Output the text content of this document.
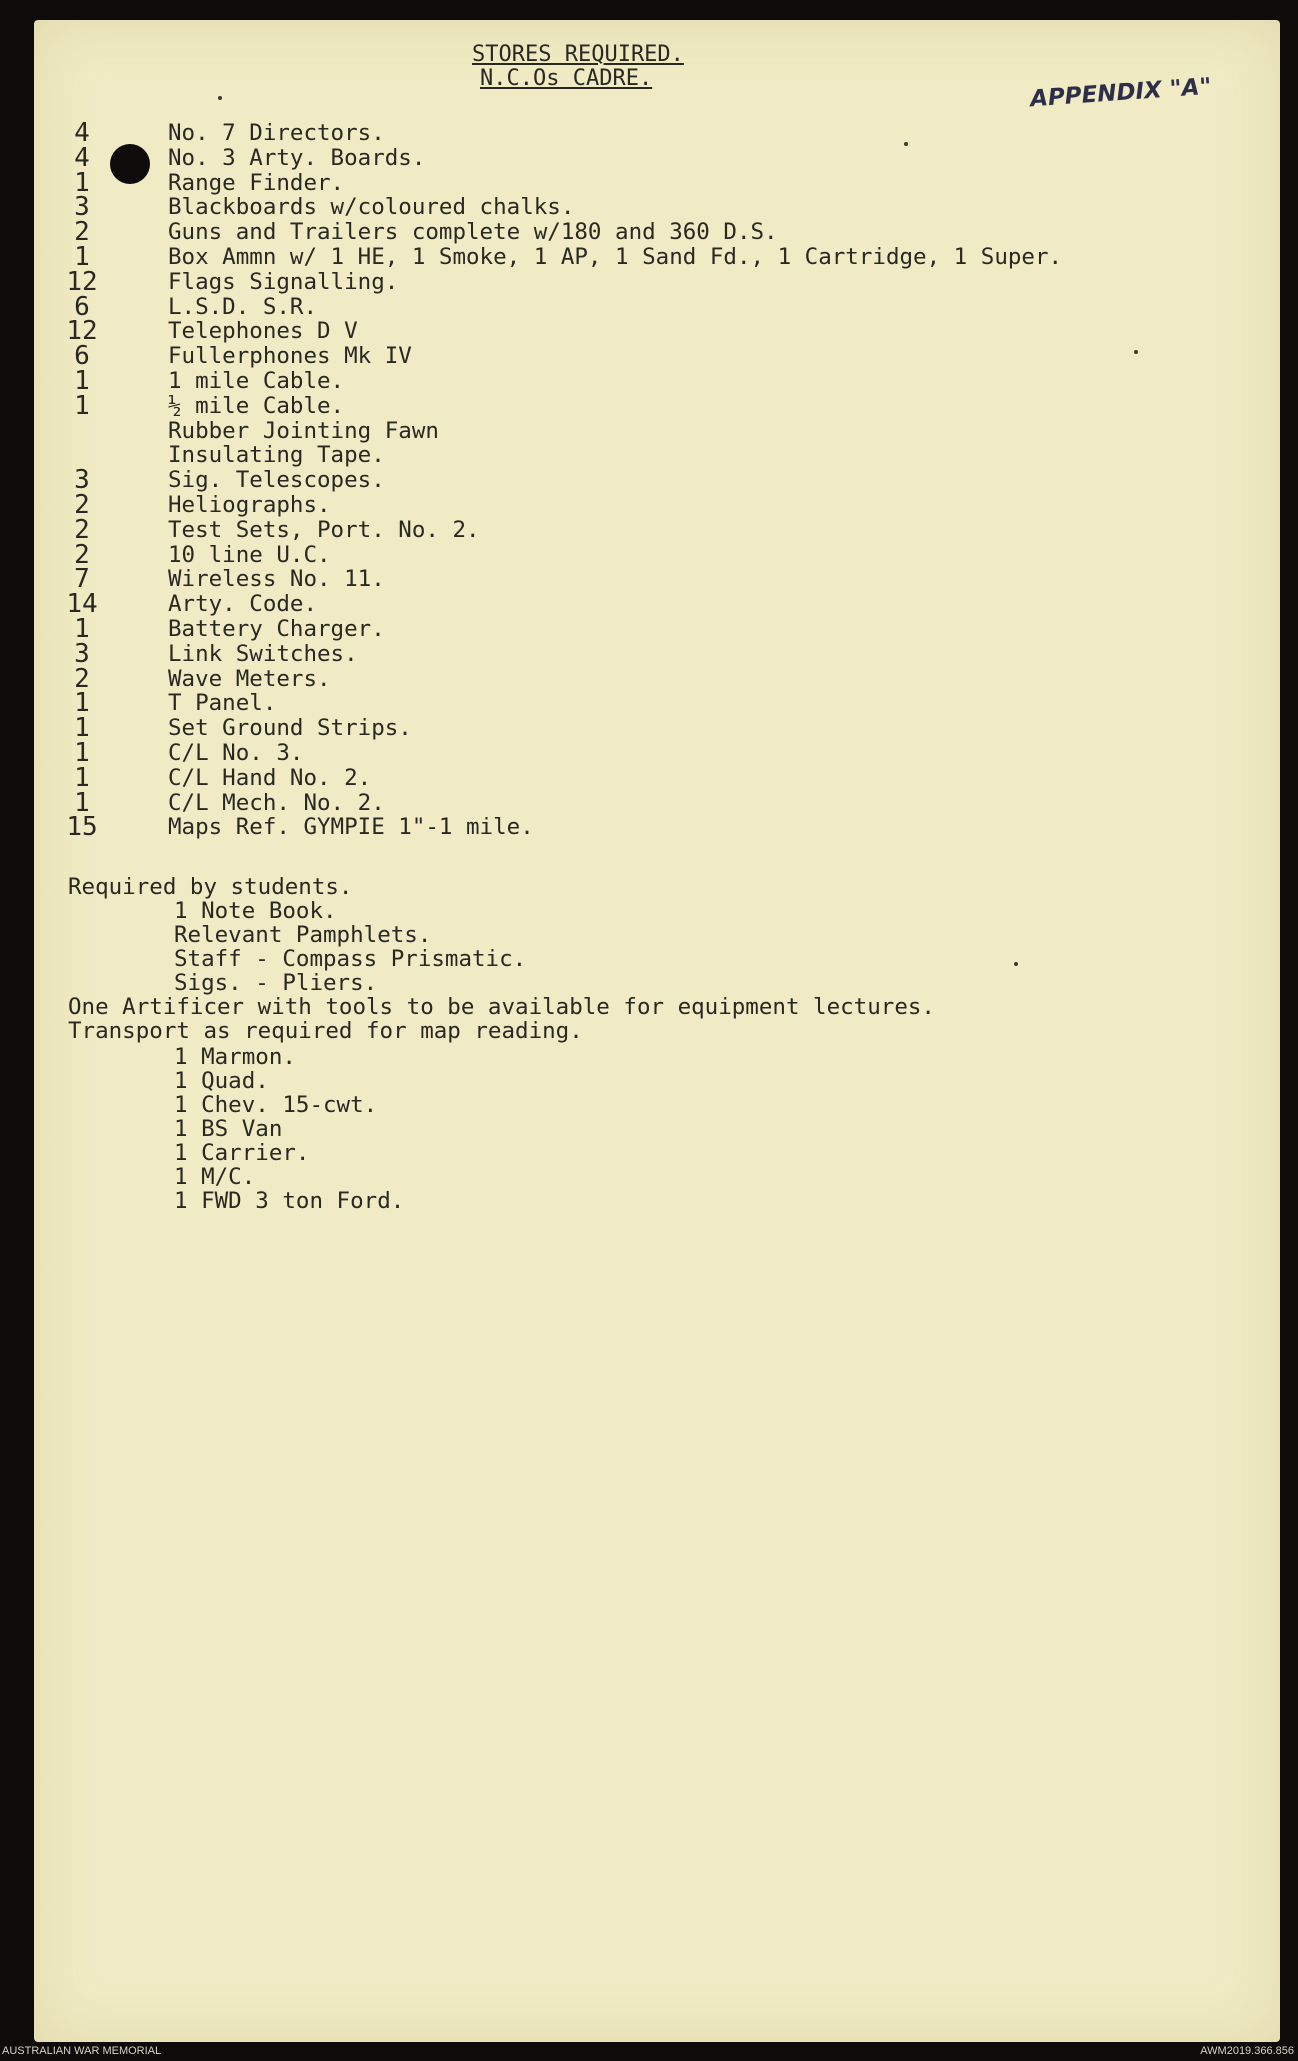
STORES REQUIRED.
N.C.Os CADRE.	APPENDIX "A"
4	No. 7 Directors.
4	No. 3 Arty. Boards.
1	Range Finder.
3	Blackboards w/coloured chalks.
2	Guns and Trailers complete w/180 and 360 D.S.
1	Box Ammn w/ 1 HE, 1 Smoke, 1 AP, 1 Sand Fd., 1 Cartridge, 1 Super.
12	Flags Signalling.
6	L.S.D. S.R.
12	Telephones D V
6	Fullerphones Mk IV
1	1 mile Cable.
1	½ mile Cable.
Rubber Jointing Fawn
Insulating Tape.
3	Sig. Telescopes.
2	Heliographs.
2	Test Sets, Port. No. 2.
2	10 line U.C.
7	Wireless No. 11.
14	Arty. Code.
1	Battery Charger.
3	Link Switches.
2	Wave Meters.
1	T Panel.
1	Set Ground Strips.
1	C/L No. 3.
1	C/L Hand No. 2.
1	C/L Mech. No. 2.
15	Maps Ref. GYMPIE 1"-1 mile.
Required by students.
1 Note Book.
Relevant Pamphlets.
Staff - Compass Prismatic.
Sigs. - Pliers.
One Artificer with tools to be available for equipment lectures.
Transport as required for map reading.
1 Marmon.
1 Quad.
1 Chev. 15-cwt.
1 BS Van
1 Carrier.
1 M/C.
1 FWD 3 ton Ford.
AUSTRALIAN WAR MEMORIAL	AWM2019.366.856
